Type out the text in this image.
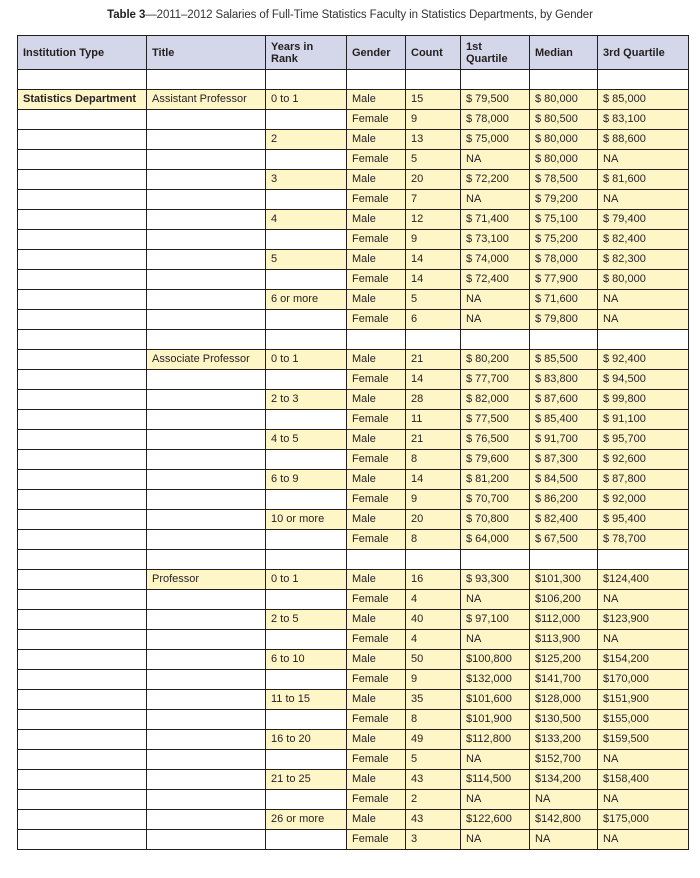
Table 3—2011–2012 Salaries of Full-Time Statistics Faculty in Statistics Departments, by Gender
Institution Type	Title	Years in Rank	Gender	Count	1st Quartile	Median	3rd Quartile

Statistics Department	Assistant Professor	0 to 1	Male	15	$ 79,500	$ 80,000	$ 85,000
			Female	9	$ 78,000	$ 80,500	$ 83,100
		2	Male	13	$ 75,000	$ 80,000	$ 88,600
			Female	5	NA	$ 80,000	NA
		3	Male	20	$ 72,200	$ 78,500	$ 81,600
			Female	7	NA	$ 79,200	NA
		4	Male	12	$ 71,400	$ 75,100	$ 79,400
			Female	9	$ 73,100	$ 75,200	$ 82,400
		5	Male	14	$ 74,000	$ 78,000	$ 82,300
			Female	14	$ 72,400	$ 77,900	$ 80,000
		6 or more	Male	5	NA	$ 71,600	NA
			Female	6	NA	$ 79,800	NA

	Associate Professor	0 to 1	Male	21	$ 80,200	$ 85,500	$ 92,400
			Female	14	$ 77,700	$ 83,800	$ 94,500
		2 to 3	Male	28	$ 82,000	$ 87,600	$ 99,800
			Female	11	$ 77,500	$ 85,400	$ 91,100
		4 to 5	Male	21	$ 76,500	$ 91,700	$ 95,700
			Female	8	$ 79,600	$ 87,300	$ 92,600
		6 to 9	Male	14	$ 81,200	$ 84,500	$ 87,800
			Female	9	$ 70,700	$ 86,200	$ 92,000
		10 or more	Male	20	$ 70,800	$ 82,400	$ 95,400
			Female	8	$ 64,000	$ 67,500	$ 78,700

	Professor	0 to 1	Male	16	$ 93,300	$101,300	$124,400
			Female	4	NA	$106,200	NA
		2 to 5	Male	40	$ 97,100	$112,000	$123,900
			Female	4	NA	$113,900	NA
		6 to 10	Male	50	$100,800	$125,200	$154,200
			Female	9	$132,000	$141,700	$170,000
		11 to 15	Male	35	$101,600	$128,000	$151,900
			Female	8	$101,900	$130,500	$155,000
		16 to 20	Male	49	$112,800	$133,200	$159,500
			Female	5	NA	$152,700	NA
		21 to 25	Male	43	$114,500	$134,200	$158,400
			Female	2	NA	NA	NA
		26 or more	Male	43	$122,600	$142,800	$175,000
			Female	3	NA	NA	NA
